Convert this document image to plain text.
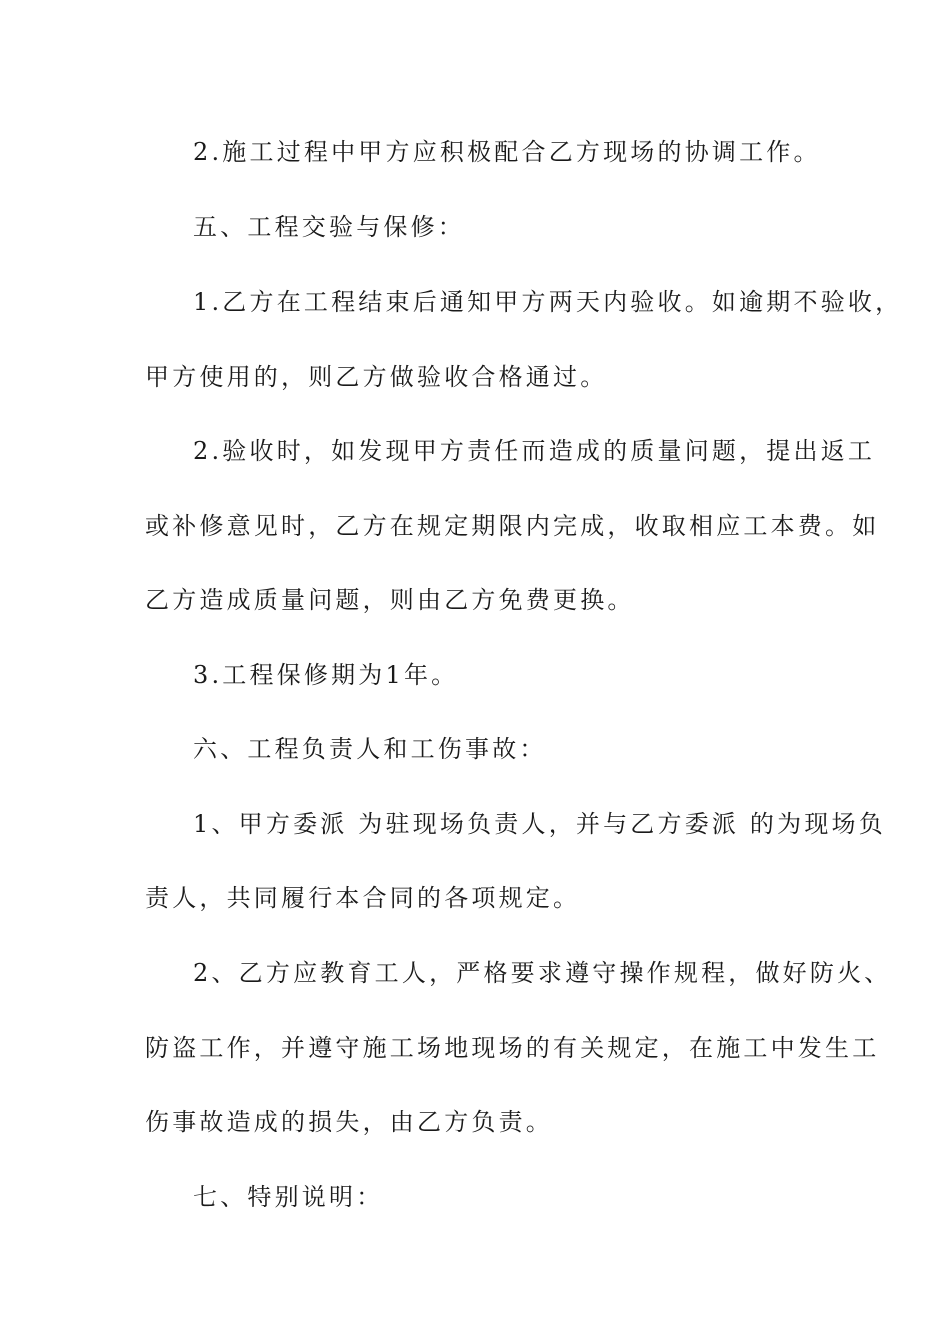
2.施工过程中甲方应积极配合乙方现场的协调工作。
五、工程交验与保修：
1.乙方在工程结束后通知甲方两天内验收。如逾期不验收，
甲方使用的，则乙方做验收合格通过。
2.验收时，如发现甲方责任而造成的质量问题，提出返工
或补修意见时，乙方在规定期限内完成，收取相应工本费。如
乙方造成质量问题，则由乙方免费更换。
3.工程保修期为1年。
六、工程负责人和工伤事故：
1、甲方委派 为驻现场负责人，并与乙方委派 的为现场负
责人，共同履行本合同的各项规定。
2、乙方应教育工人，严格要求遵守操作规程，做好防火、
防盗工作，并遵守施工场地现场的有关规定，在施工中发生工
伤事故造成的损失，由乙方负责。
七、特别说明：
